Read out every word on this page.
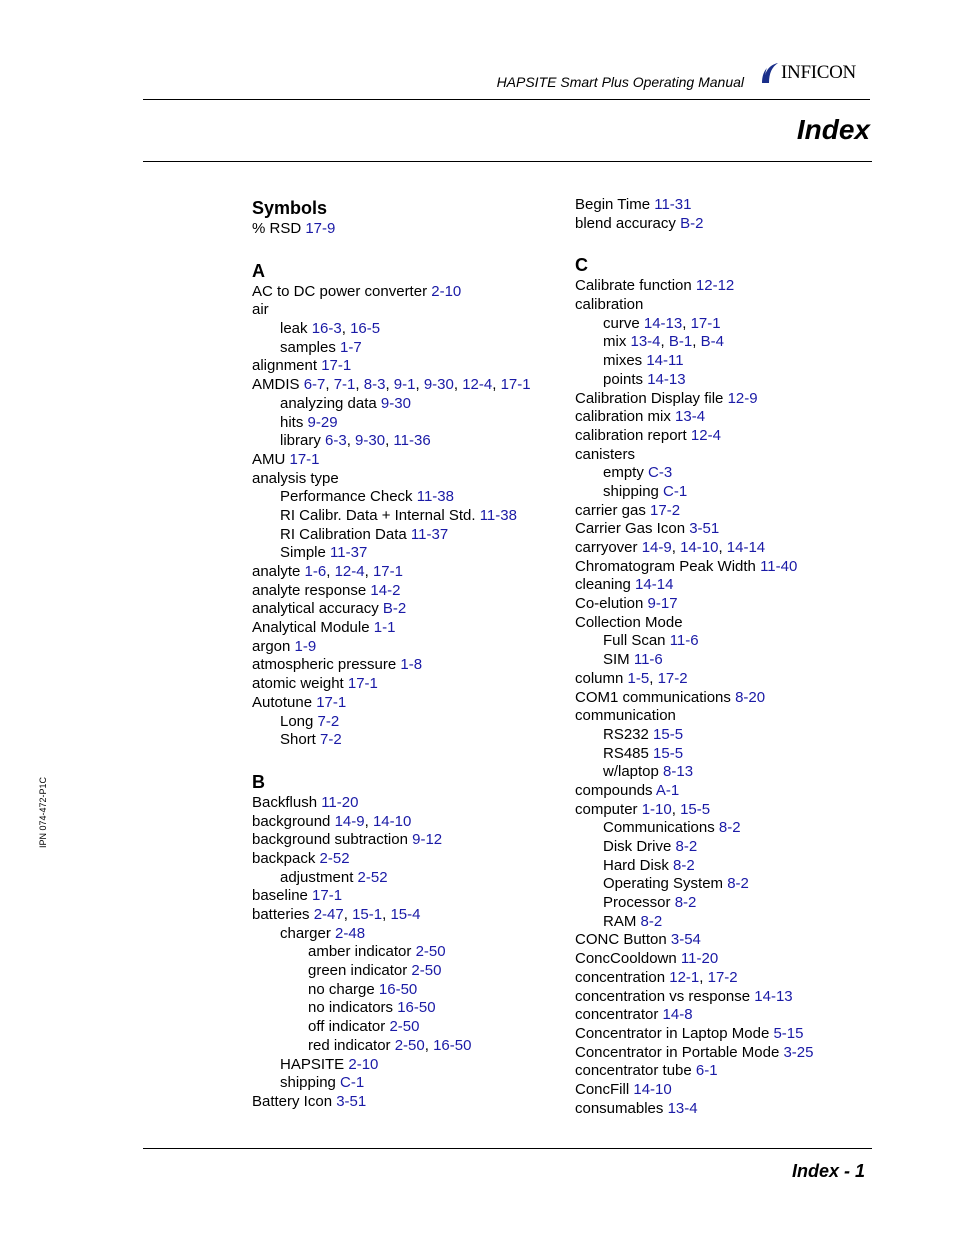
HAPSITE Smart Plus Operating Manual INFICON
Index
Symbols
% RSD 17-9
A
AC to DC power converter 2-10
air
leak 16-3, 16-5
samples 1-7
alignment 17-1
AMDIS 6-7, 7-1, 8-3, 9-1, 9-30, 12-4, 17-1
analyzing data 9-30
hits 9-29
library 6-3, 9-30, 11-36
AMU 17-1
analysis type
Performance Check 11-38
RI Calibr. Data + Internal Std. 11-38
RI Calibration Data 11-37
Simple 11-37
analyte 1-6, 12-4, 17-1
analyte response 14-2
analytical accuracy B-2
Analytical Module 1-1
argon 1-9
atmospheric pressure 1-8
atomic weight 17-1
Autotune 17-1
Long 7-2
Short 7-2
B
Backflush 11-20
background 14-9, 14-10
background subtraction 9-12
backpack 2-52
adjustment 2-52
baseline 17-1
batteries 2-47, 15-1, 15-4
charger 2-48
amber indicator 2-50
green indicator 2-50
no charge 16-50
no indicators 16-50
off indicator 2-50
red indicator 2-50, 16-50
HAPSITE 2-10
shipping C-1
Battery Icon 3-51
Begin Time 11-31
blend accuracy B-2
C
Calibrate function 12-12
calibration
curve 14-13, 17-1
mix 13-4, B-1, B-4
mixes 14-11
points 14-13
Calibration Display file 12-9
calibration mix 13-4
calibration report 12-4
canisters
empty C-3
shipping C-1
carrier gas 17-2
Carrier Gas Icon 3-51
carryover 14-9, 14-10, 14-14
Chromatogram Peak Width 11-40
cleaning 14-14
Co-elution 9-17
Collection Mode
Full Scan 11-6
SIM 11-6
column 1-5, 17-2
COM1 communications 8-20
communication
RS232 15-5
RS485 15-5
w/laptop 8-13
compounds A-1
computer 1-10, 15-5
Communications 8-2
Disk Drive 8-2
Hard Disk 8-2
Operating System 8-2
Processor 8-2
RAM 8-2
CONC Button 3-54
ConcCooldown 11-20
concentration 12-1, 17-2
concentration vs response 14-13
concentrator 14-8
Concentrator in Laptop Mode 5-15
Concentrator in Portable Mode 3-25
concentrator tube 6-1
ConcFill 14-10
consumables 13-4
IPN 074-472-P1C
Index - 1
